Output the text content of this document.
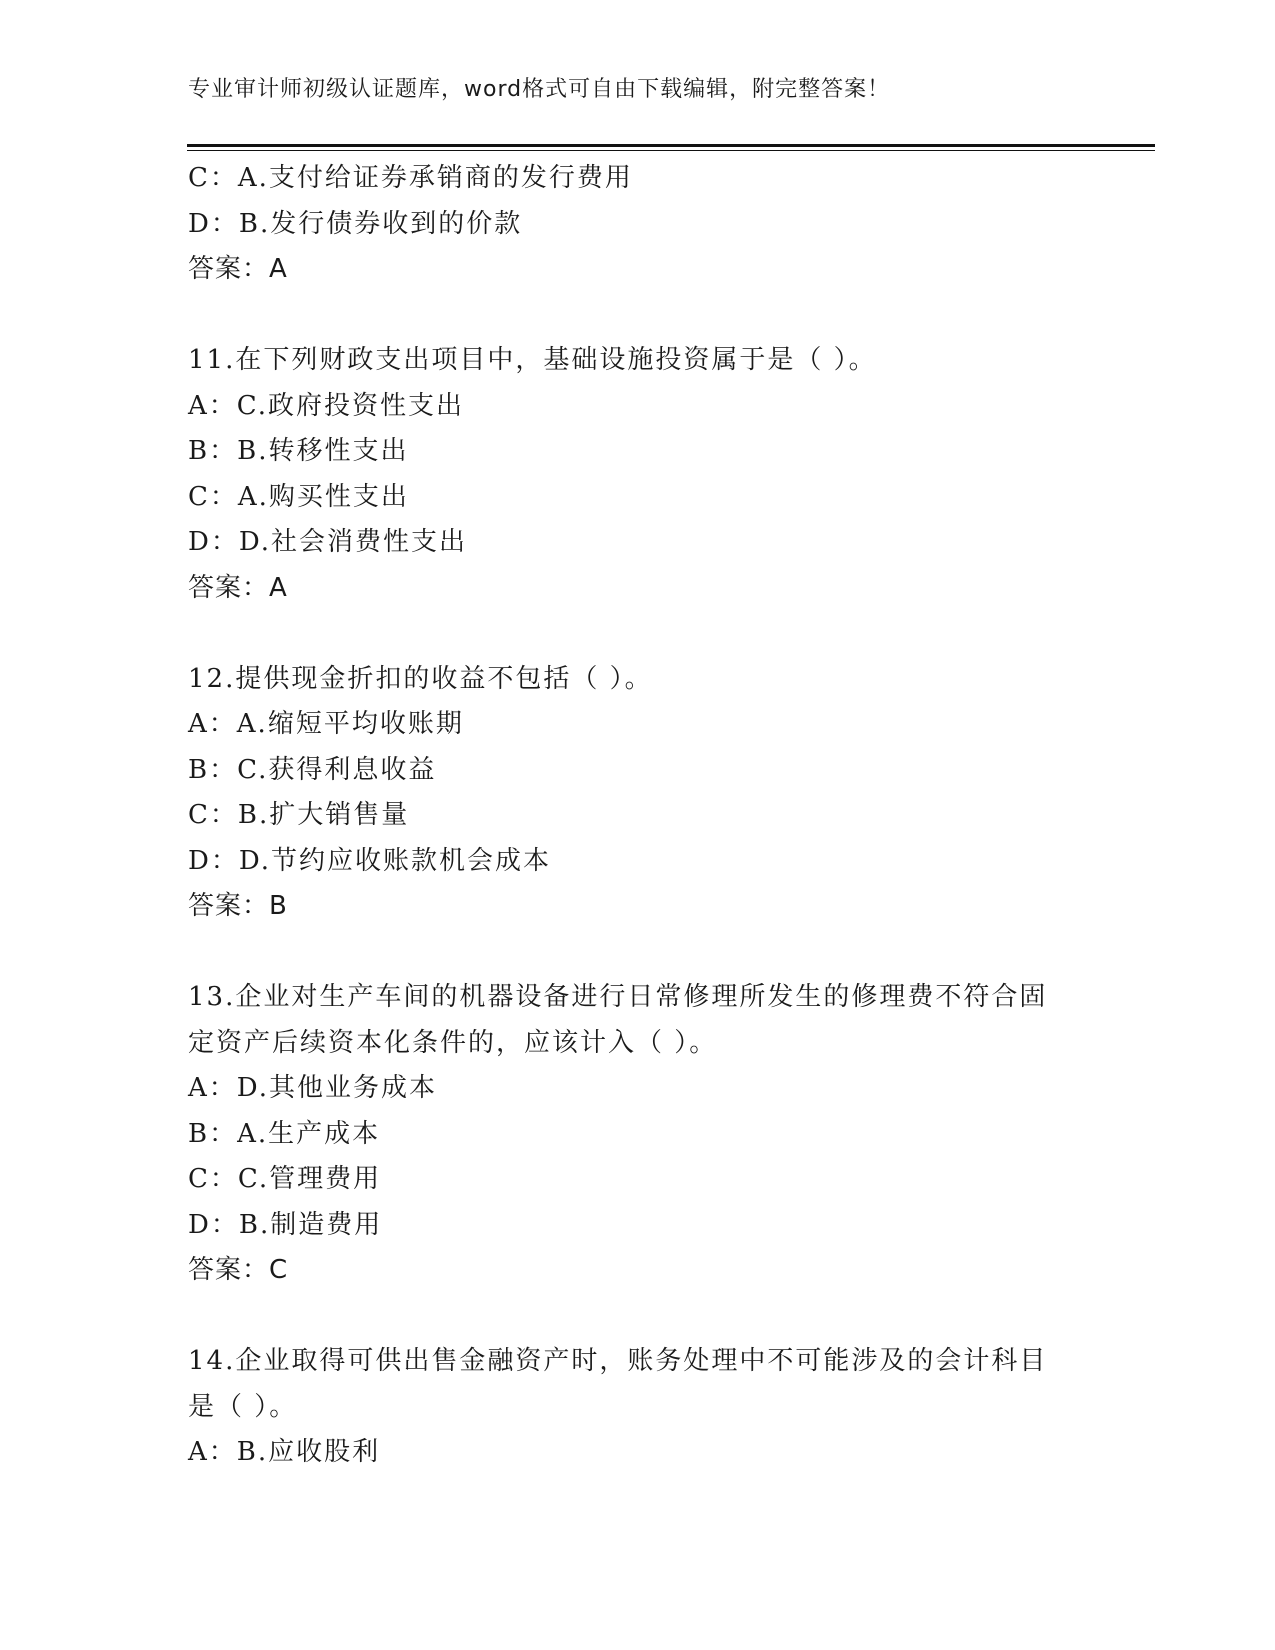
专业审计师初级认证题库，word格式可自由下载编辑，附完整答案！
C：A.支付给证券承销商的发行费用
D：B.发行债券收到的价款
答案：A
11.在下列财政支出项目中，基础设施投资属于是（ ）。
A：C.政府投资性支出
B：B.转移性支出
C：A.购买性支出
D：D.社会消费性支出
答案：A
12.提供现金折扣的收益不包括（ ）。
A：A.缩短平均收账期
B：C.获得利息收益
C：B.扩大销售量
D：D.节约应收账款机会成本
答案：B
13.企业对生产车间的机器设备进行日常修理所发生的修理费不符合固定资产后续资本化条件的，应该计入（ ）。
A：D.其他业务成本
B：A.生产成本
C：C.管理费用
D：B.制造费用
答案：C
14.企业取得可供出售金融资产时，账务处理中不可能涉及的会计科目是（ ）。
A：B.应收股利
